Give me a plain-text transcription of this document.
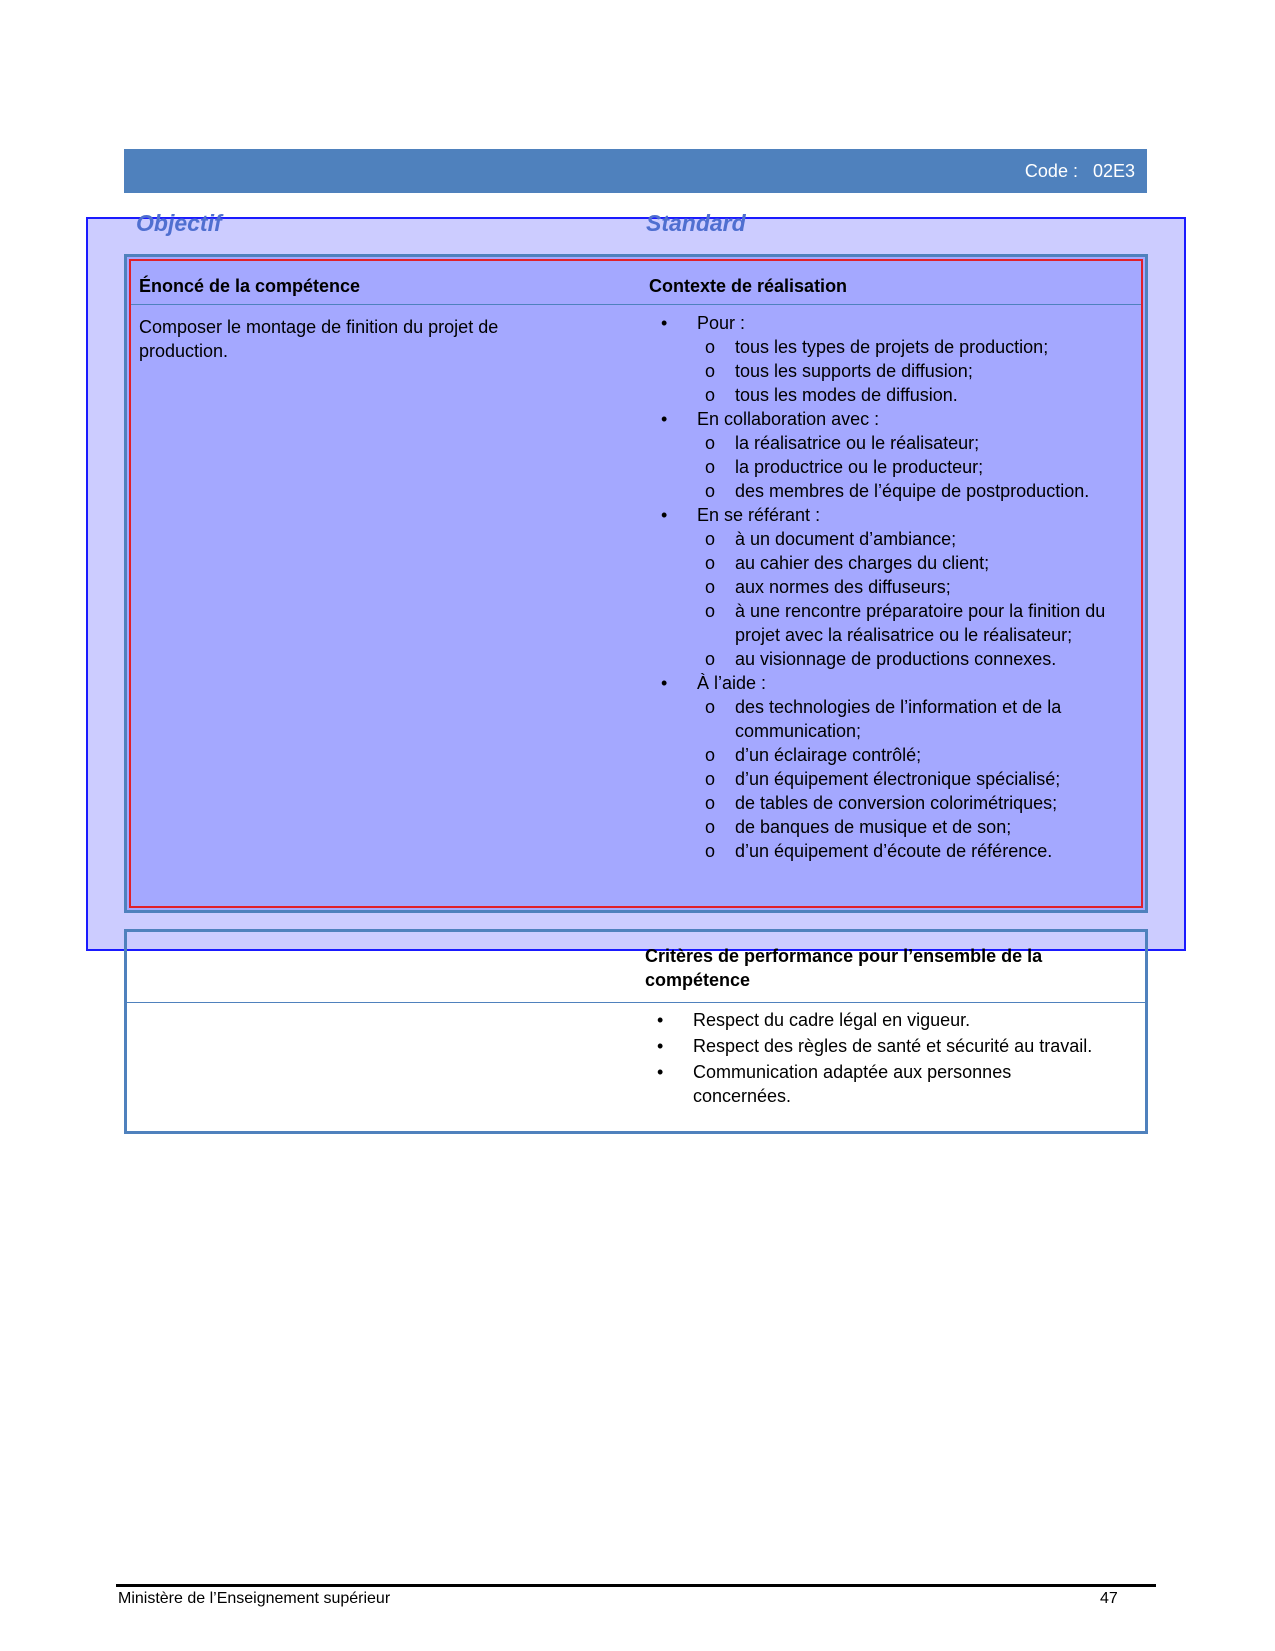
Code :   02E3
Objectif	Standard
Énoncé de la compétence	Contexte de réalisation
Composer le montage de finition du projet de production.
•	Pour :
o tous les types de projets de production;
o tous les supports de diffusion;
o tous les modes de diffusion.
•	En collaboration avec :
o la réalisatrice ou le réalisateur;
o la productrice ou le producteur;
o des membres de l’équipe de postproduction.
•	En se référant :
o à un document d’ambiance;
o au cahier des charges du client;
o aux normes des diffuseurs;
o à une rencontre préparatoire pour la finition du projet avec la réalisatrice ou le réalisateur;
o au visionnage de productions connexes.
•	À l’aide :
o des technologies de l’information et de la communication;
o d’un éclairage contrôlé;
o d’un équipement électronique spécialisé;
o de tables de conversion colorimétriques;
o de banques de musique et de son;
o d’un équipement d’écoute de référence.
Critères de performance pour l’ensemble de la compétence
• Respect du cadre légal en vigueur.
• Respect des règles de santé et sécurité au travail.
• Communication adaptée aux personnes concernées.
Ministère de l’Enseignement supérieur	47
